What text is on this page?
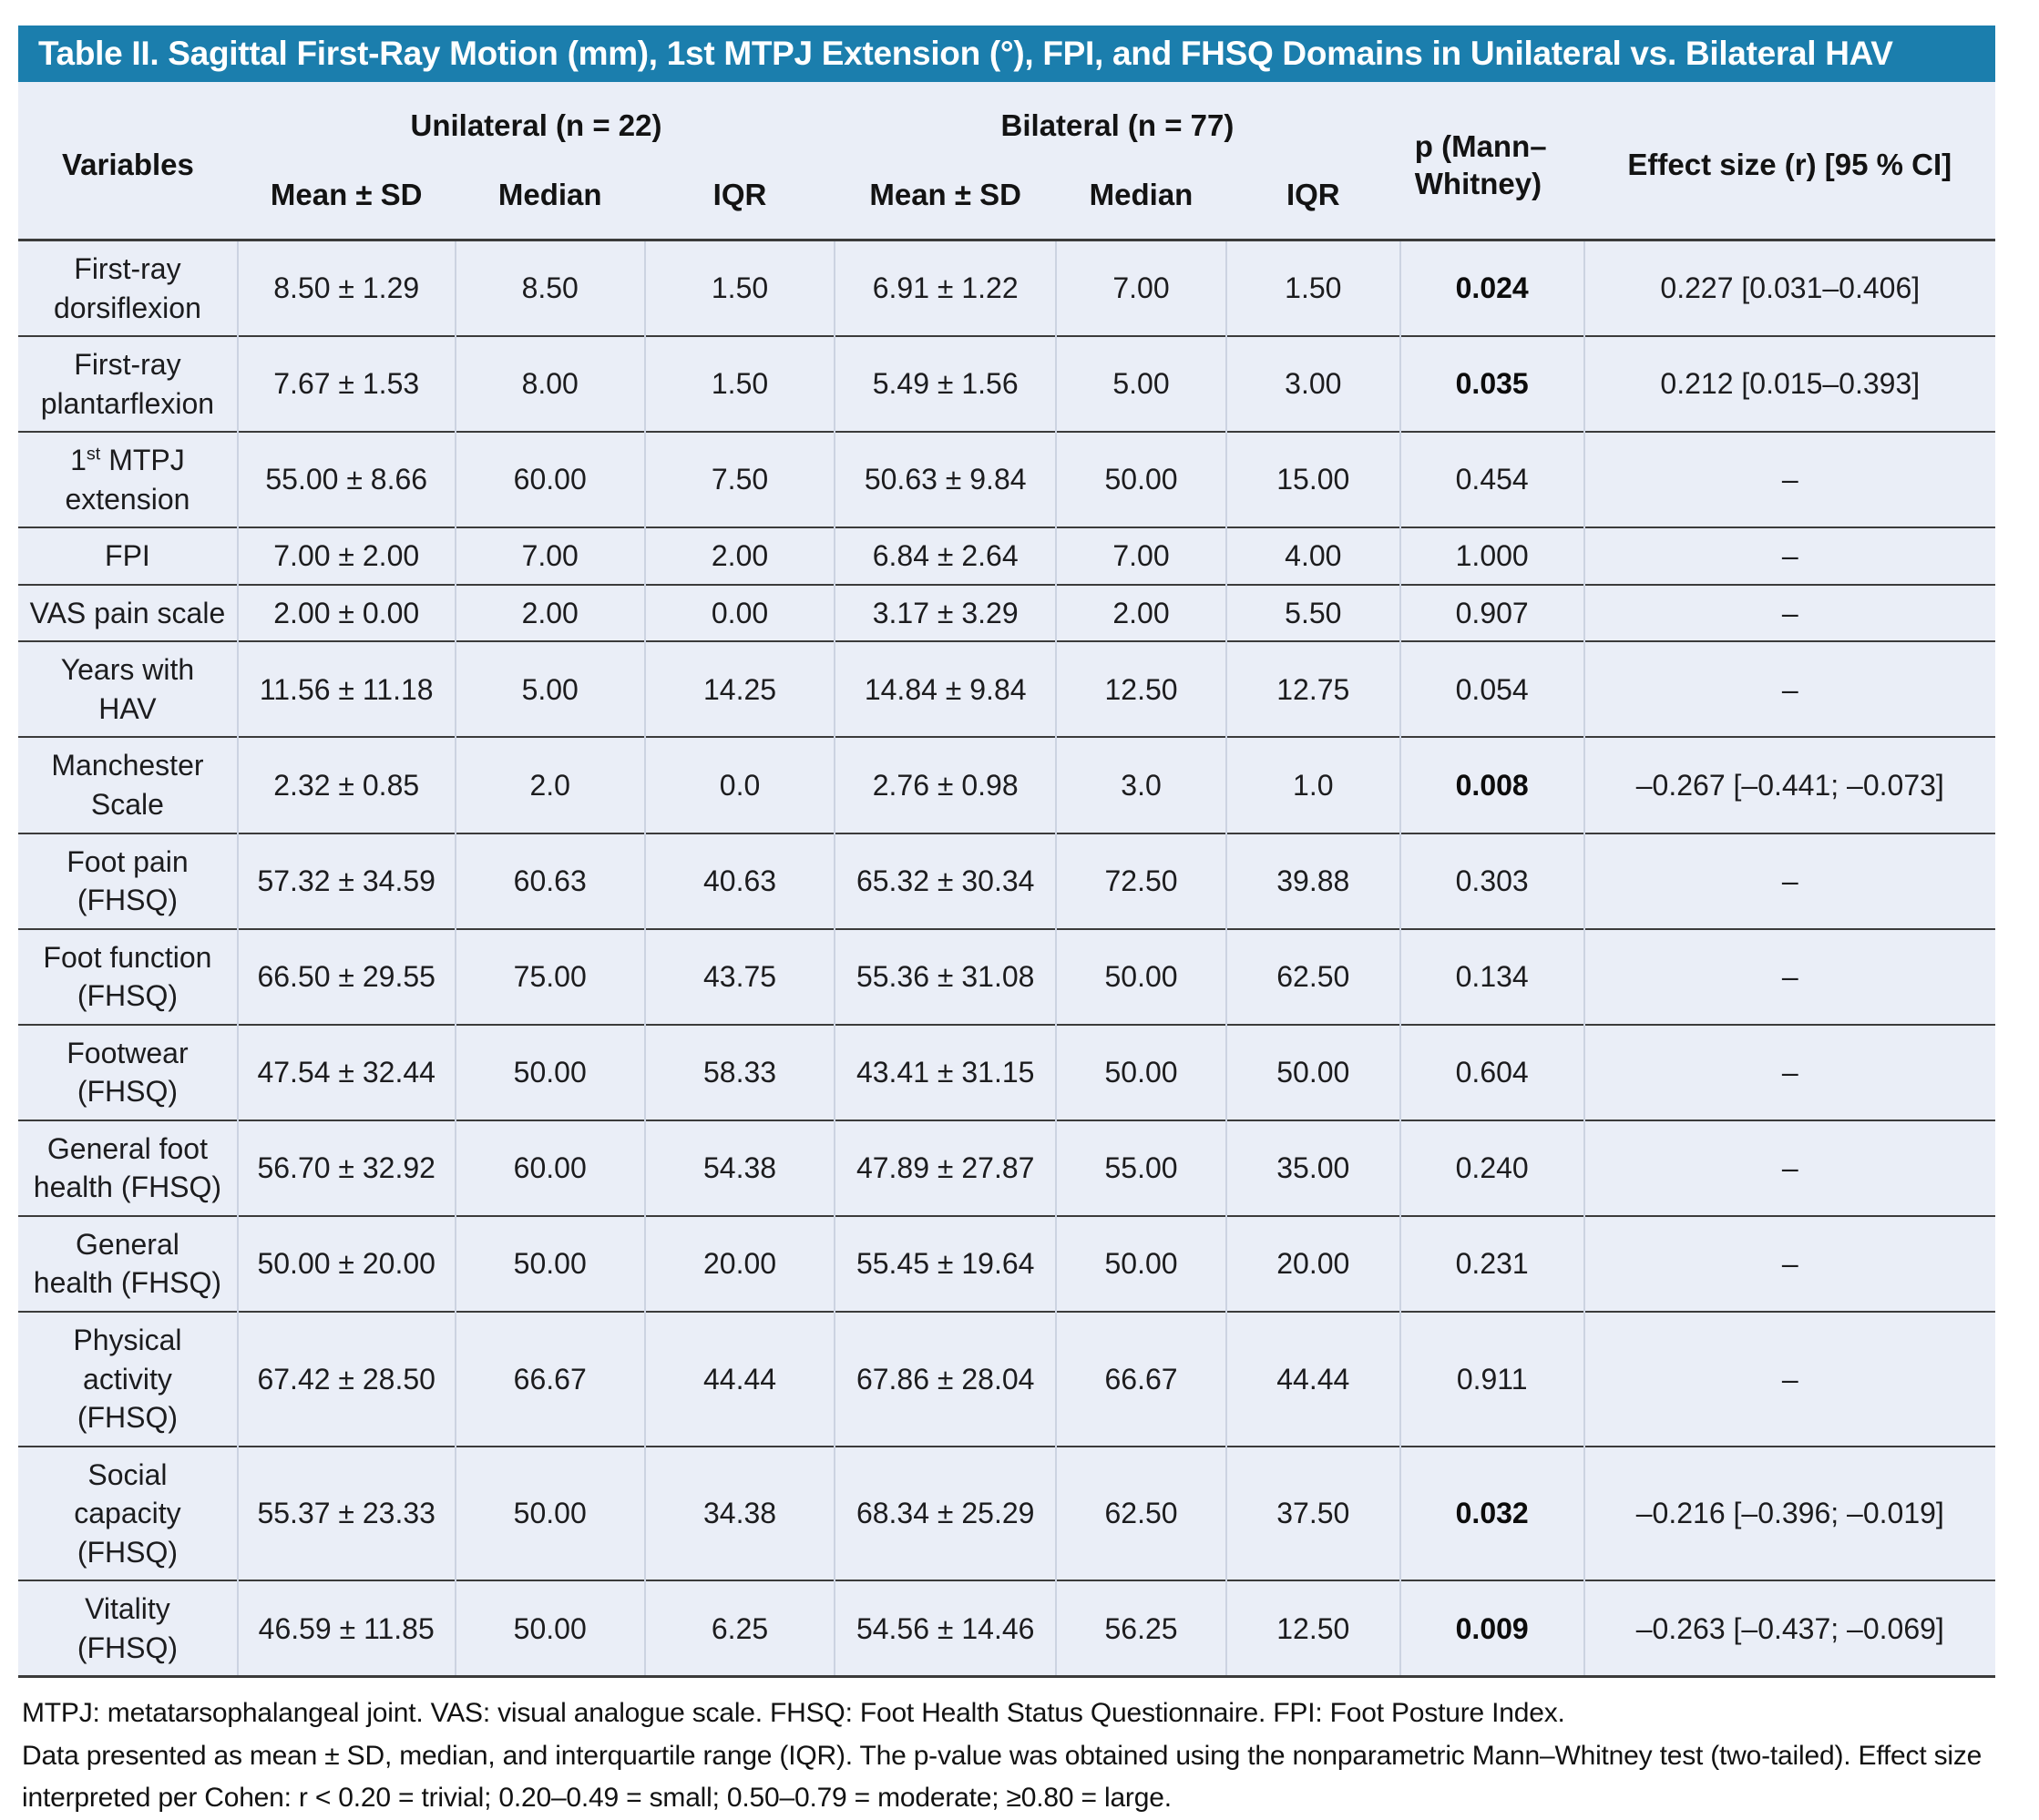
Table II. Sagittal First-Ray Motion (mm), 1st MTPJ Extension (°), FPI, and FHSQ Domains in Unilateral vs. Bilateral HAV
Variables	Unilateral (n = 22)			Bilateral (n = 77)			p (Mann–
Whitney)	Effect size (r) [95 % CI]
	Mean ± SD	Median	IQR	Mean ± SD	Median	IQR		
First-ray
dorsiflexion	8.50 ± 1.29	8.50	1.50	6.91 ± 1.22	7.00	1.50	0.024	0.227 [0.031–0.406]
First-ray
plantarflexion	7.67 ± 1.53	8.00	1.50	5.49 ± 1.56	5.00	3.00	0.035	0.212 [0.015–0.393]
1st MTPJ
extension	55.00 ± 8.66	60.00	7.50	50.63 ± 9.84	50.00	15.00	0.454	–
FPI	7.00 ± 2.00	7.00	2.00	6.84 ± 2.64	7.00	4.00	1.000	–
VAS pain scale	2.00 ± 0.00	2.00	0.00	3.17 ± 3.29	2.00	5.50	0.907	–
Years with
HAV	11.56 ± 11.18	5.00	14.25	14.84 ± 9.84	12.50	12.75	0.054	–
Manchester
Scale	2.32 ± 0.85	2.0	0.0	2.76 ± 0.98	3.0	1.0	0.008	–0.267 [–0.441; –0.073]
Foot pain
(FHSQ)	57.32 ± 34.59	60.63	40.63	65.32 ± 30.34	72.50	39.88	0.303	–
Foot function
(FHSQ)	66.50 ± 29.55	75.00	43.75	55.36 ± 31.08	50.00	62.50	0.134	–
Footwear
(FHSQ)	47.54 ± 32.44	50.00	58.33	43.41 ± 31.15	50.00	50.00	0.604	–
General foot
health (FHSQ)	56.70 ± 32.92	60.00	54.38	47.89 ± 27.87	55.00	35.00	0.240	–
General
health (FHSQ)	50.00 ± 20.00	50.00	20.00	55.45 ± 19.64	50.00	20.00	0.231	–
Physical
activity
(FHSQ)	67.42 ± 28.50	66.67	44.44	67.86 ± 28.04	66.67	44.44	0.911	–
Social
capacity
(FHSQ)	55.37 ± 23.33	50.00	34.38	68.34 ± 25.29	62.50	37.50	0.032	–0.216 [–0.396; –0.019]
Vitality
(FHSQ)	46.59 ± 11.85	50.00	6.25	54.56 ± 14.46	56.25	12.50	0.009	–0.263 [–0.437; –0.069]
MTPJ: metatarsophalangeal joint. VAS: visual analogue scale. FHSQ: Foot Health Status Questionnaire. FPI: Foot Posture Index.
Data presented as mean ± SD, median, and interquartile range (IQR). The p-value was obtained using the nonparametric Mann–Whitney test (two-tailed). Effect size
interpreted per Cohen: r < 0.20 = trivial; 0.20–0.49 = small; 0.50–0.79 = moderate; ≥0.80 = large.
